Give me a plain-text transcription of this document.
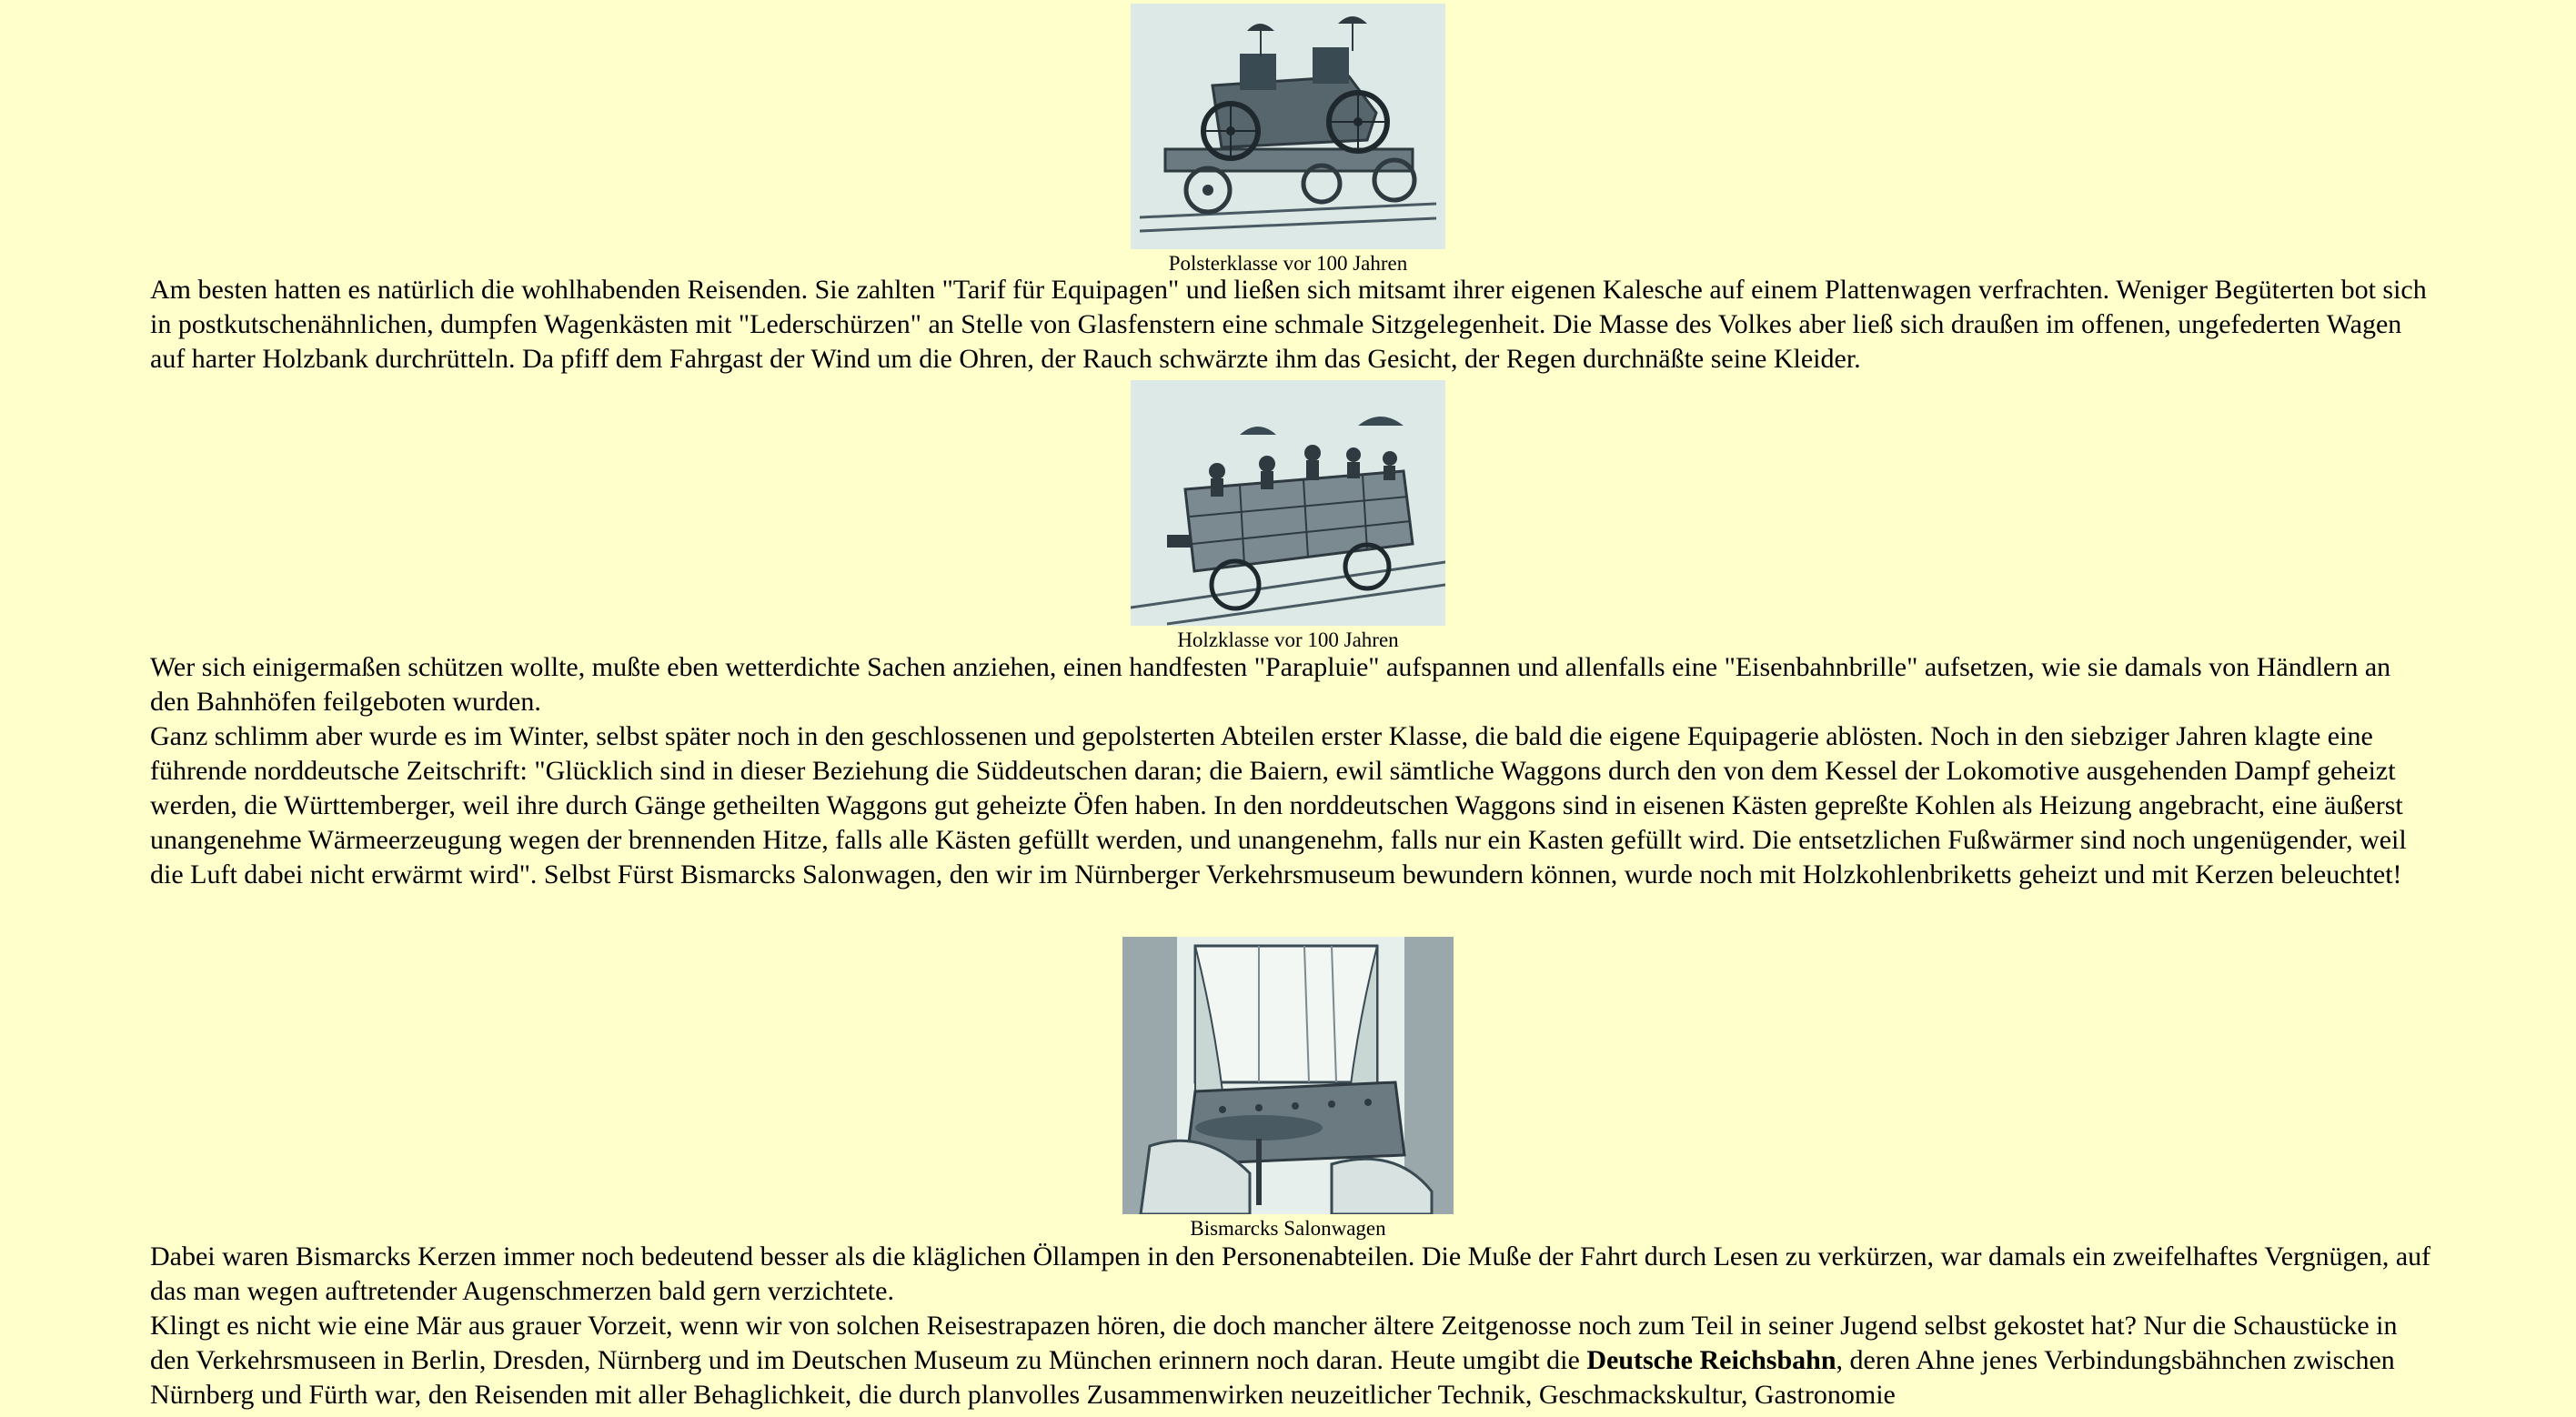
Polsterklasse vor 100 Jahren

Am besten hatten es natürlich die wohlhabenden Reisenden. Sie zahlten "Tarif für Equipagen" und ließen sich mitsamt ihrer eigenen Kalesche auf einem Plattenwagen verfrachten. Weniger Begüterten bot sich in postkutschenähnlichen, dumpfen Wagenkästen mit "Lederschürzen" an Stelle von Glasfenstern eine schmale Sitzgelegenheit. Die Masse des Volkes aber ließ sich draußen im offenen, ungefederten Wagen auf harter Holzbank durchrütteln. Da pfiff dem Fahrgast der Wind um die Ohren, der Rauch schwärzte ihm das Gesicht, der Regen durchnäßte seine Kleider.

Holzklasse vor 100 Jahren

Wer sich einigermaßen schützen wollte, mußte eben wetterdichte Sachen anziehen, einen handfesten "Parapluie" aufspannen und allenfalls eine "Eisenbahnbrille" aufsetzen, wie sie damals von Händlern an den Bahnhöfen feilgeboten wurden.

Ganz schlimm aber wurde es im Winter, selbst später noch in den geschlossenen und gepolsterten Abteilen erster Klasse, die bald die eigene Equipagerie ablösten. Noch in den siebziger Jahren klagte eine führende norddeutsche Zeitschrift: "Glücklich sind in dieser Beziehung die Süddeutschen daran; die Baiern, ewil sämtliche Waggons durch den von dem Kessel der Lokomotive ausgehenden Dampf geheizt werden, die Württemberger, weil ihre durch Gänge getheilten Waggons gut geheizte Öfen haben. In den norddeutschen Waggons sind in eisenen Kästen gepreßte Kohlen als Heizung angebracht, eine äußerst unangenehme Wärmeerzeugung wegen der brennenden Hitze, falls alle Kästen gefüllt werden, und unangenehm, falls nur ein Kasten gefüllt wird. Die entsetzlichen Fußwärmer sind noch ungenügender, weil die Luft dabei nicht erwärmt wird". Selbst Fürst Bismarcks Salonwagen, den wir im Nürnberger Verkehrsmuseum bewundern können, wurde noch mit Holzkohlenbriketts geheizt und mit Kerzen beleuchtet!

Bismarcks Salonwagen

Dabei waren Bismarcks Kerzen immer noch bedeutend besser als die kläglichen Öllampen in den Personenabteilen. Die Muße der Fahrt durch Lesen zu verkürzen, war damals ein zweifelhaftes Vergnügen, auf das man wegen auftretender Augenschmerzen bald gern verzichtete.

Klingt es nicht wie eine Mär aus grauer Vorzeit, wenn wir von solchen Reisestrapazen hören, die doch mancher ältere Zeitgenosse noch zum Teil in seiner Jugend selbst gekostet hat? Nur die Schaustücke in den Verkehrsmuseen in Berlin, Dresden, Nürnberg und im Deutschen Museum zu München erinnern noch daran. Heute umgibt die Deutsche Reichsbahn, deren Ahne jenes Verbindungsbähnchen zwischen Nürnberg und Fürth war, den Reisenden mit aller Behaglichkeit, die durch planvolles Zusammenwirken neuzeitlicher Technik, Geschmackskultur, Gastronomie
